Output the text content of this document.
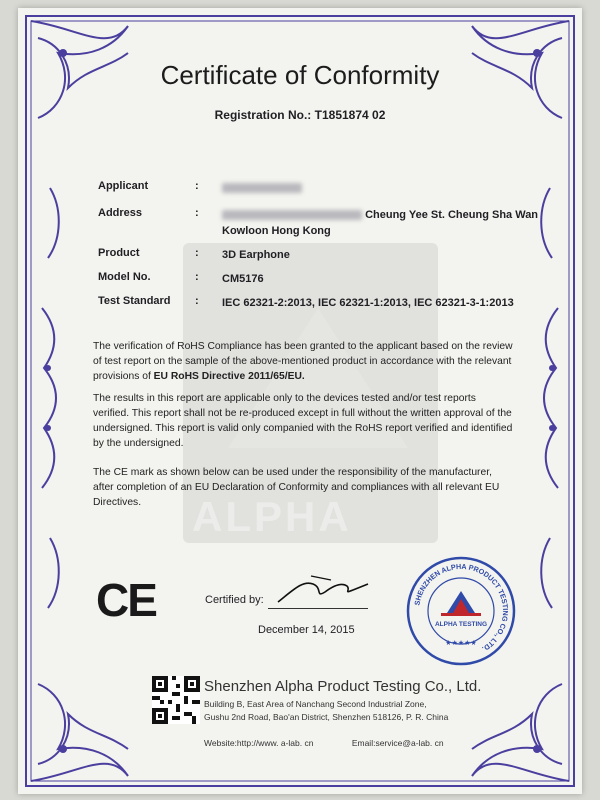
ALPHA
Certificate of Conformity
Registration No.: T1851874 02
Applicant	:
Address	:	Cheung Yee St. Cheung Sha Wan
Kowloon Hong Kong
Product	: 3D Earphone
Model No.	: CM5176
Test Standard	: IEC 62321-2:2013, IEC 62321-1:2013, IEC 62321-3-1:2013
The verification of RoHS Compliance has been granted to the applicant based on the review of test report on the sample of the above-mentioned product in accordance with the relevant provisions of EU RoHS Directive 2011/65/EU.
The results in this report are applicable only to the devices tested and/or test reports verified. This report shall not be re-produced except in full without the written approval of the undersigned. This report is valid only companied with the RoHS report verified and identified by the undersigned.
The CE mark as shown below can be used under the responsibility of the manufacturer, after completion of an EU Declaration of Conformity and compliances with all relevant EU Directives.
CE	Certified by:
December 14, 2015
SHENZHEN ALPHA PRODUCT TESTING CO., LTD.
ALPHA TESTING
★★★★★
Shenzhen Alpha Product Testing Co., Ltd.
Building B, East Area of Nanchang Second Industrial Zone,
Gushu 2nd Road, Bao'an District, Shenzhen 518126, P. R. China
Website:http://www. a-lab. cn	Email:service@a-lab. cn
